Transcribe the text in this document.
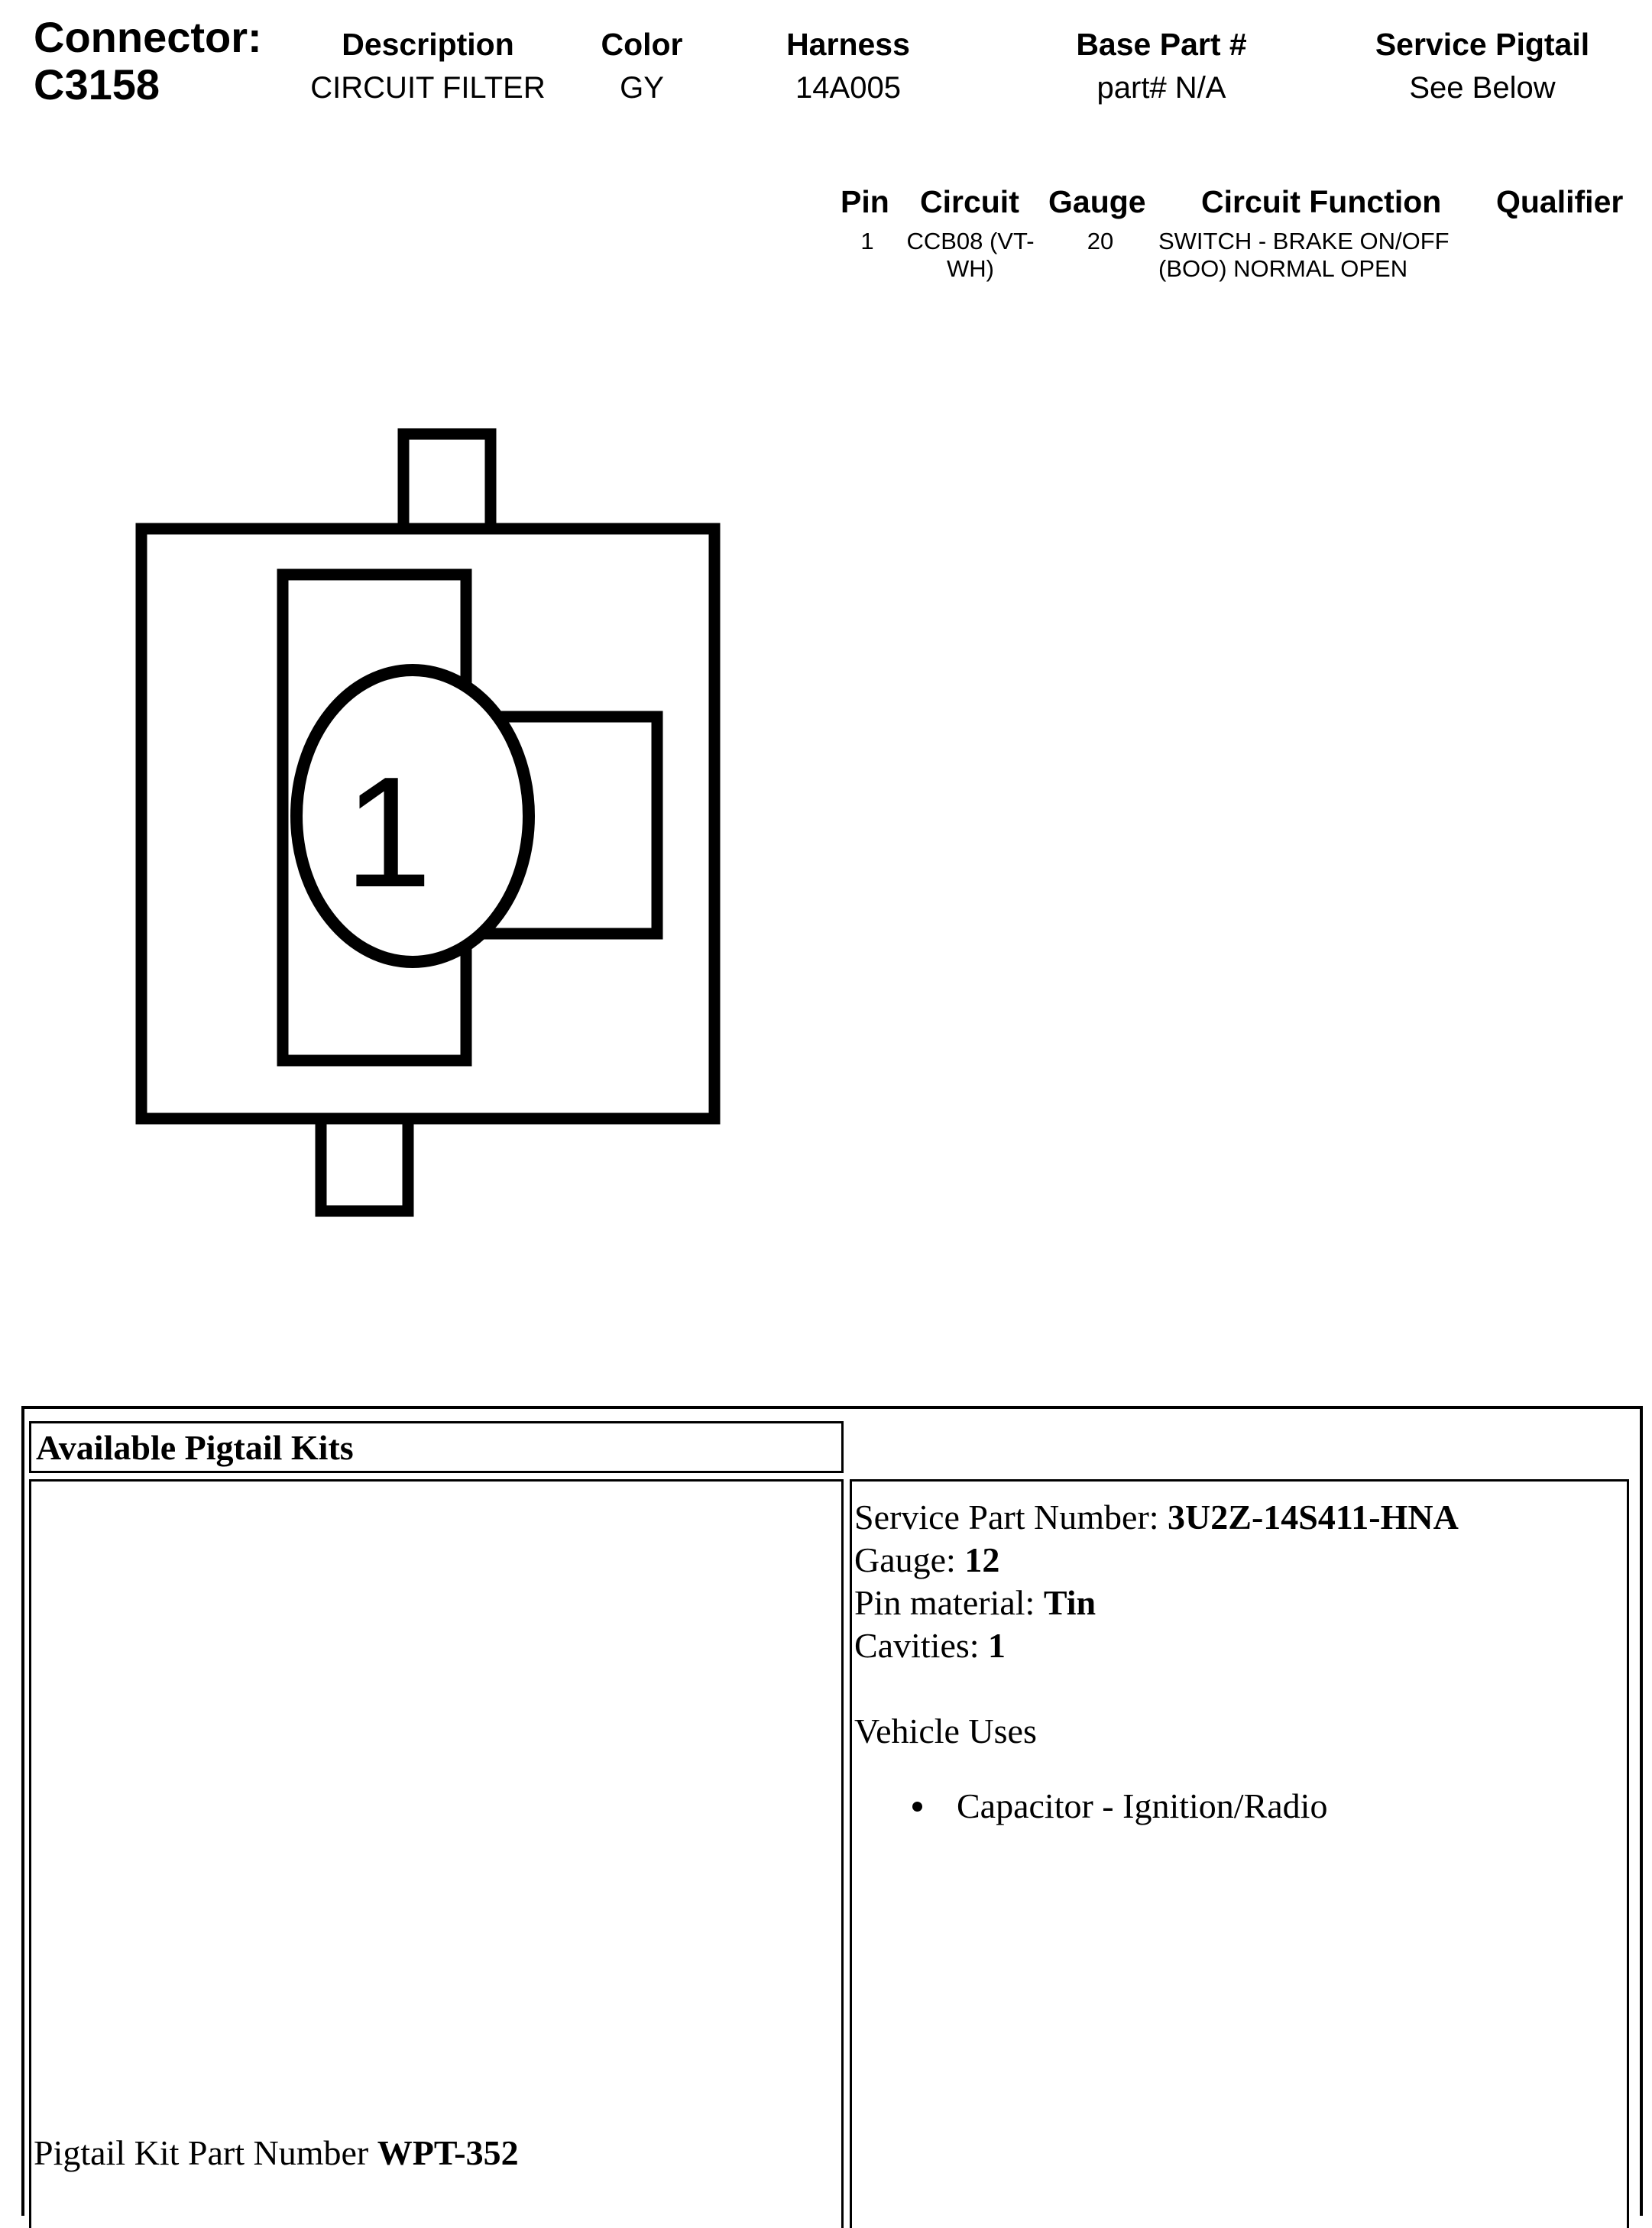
Connector:
C3158
Description
CIRCUIT FILTER
Color
GY
Harness
14A005
Base Part #
part# N/A
Service Pigtail
See Below
Pin Circuit Gauge Circuit Function Qualifier
1	CCB08 (VT-
WH)
20	SWITCH - BRAKE ON/OFF
(BOO) NORMAL OPEN
1
Available Pigtail Kits
Pigtail Kit Part Number WPT-352
Service Part Number: 3U2Z-14S411-HNA
Gauge: 12
Pin material: Tin
Cavities: 1
Vehicle Uses
Capacitor - Ignition/Radio
